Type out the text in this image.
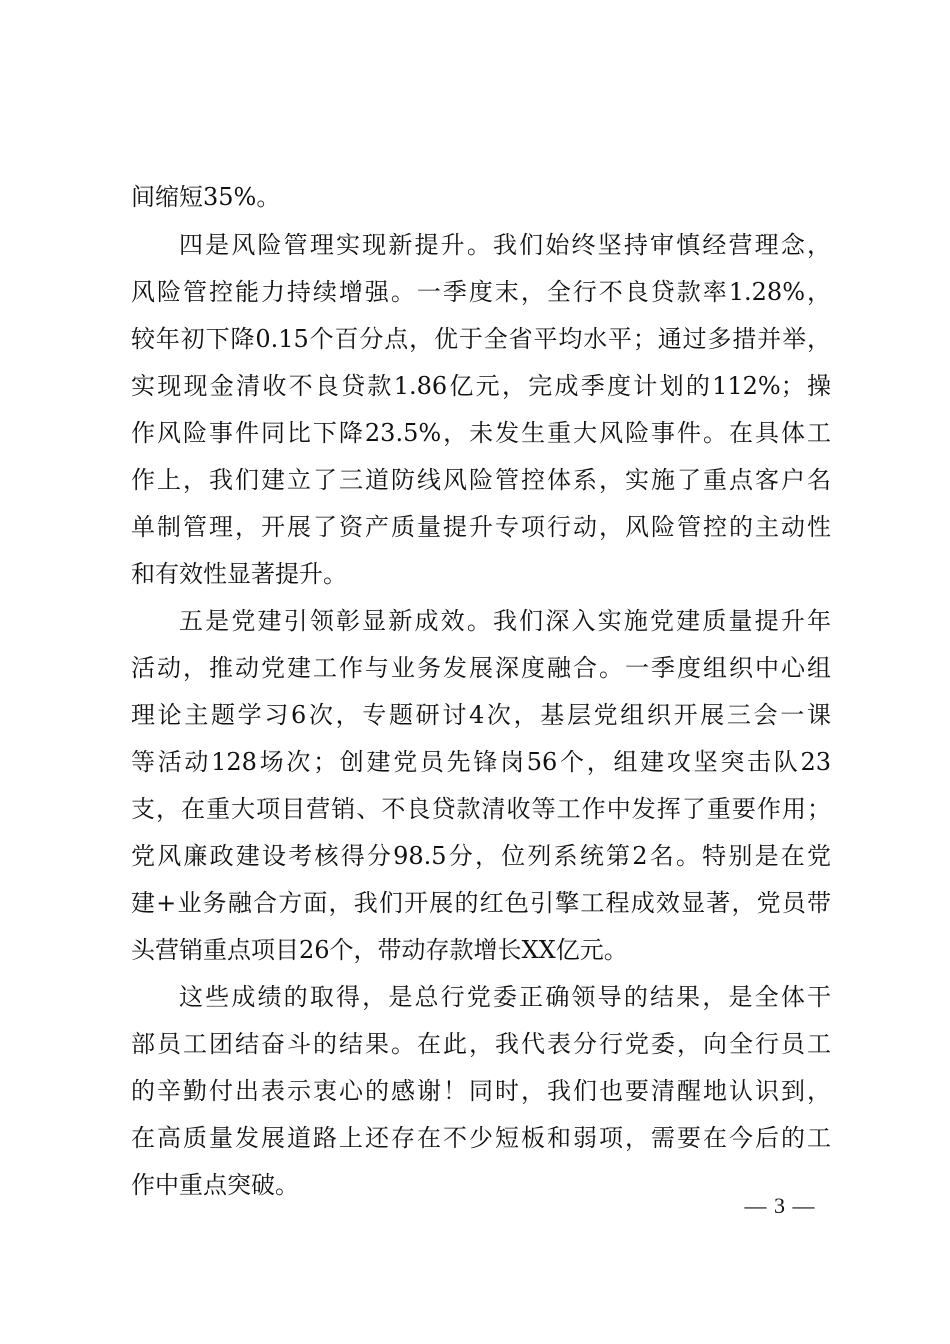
间缩短35%。
四是风险管理实现新提升。我们始终坚持审慎经营理念，
风险管控能力持续增强。一季度末，全行不良贷款率1.28%，
较年初下降0.15个百分点，优于全省平均水平；通过多措并举，
实现现金清收不良贷款1.86亿元，完成季度计划的112%；操
作风险事件同比下降23.5%，未发生重大风险事件。在具体工
作上，我们建立了三道防线风险管控体系，实施了重点客户名
单制管理，开展了资产质量提升专项行动，风险管控的主动性
和有效性显著提升。
五是党建引领彰显新成效。我们深入实施党建质量提升年
活动，推动党建工作与业务发展深度融合。一季度组织中心组
理论主题学习6次，专题研讨4次，基层党组织开展三会一课
等活动128场次；创建党员先锋岗56个，组建攻坚突击队23
支，在重大项目营销、不良贷款清收等工作中发挥了重要作用；
党风廉政建设考核得分98.5分，位列系统第2名。特别是在党
建+业务融合方面，我们开展的红色引擎工程成效显著，党员带
头营销重点项目26个，带动存款增长XX亿元。
这些成绩的取得，是总行党委正确领导的结果，是全体干
部员工团结奋斗的结果。在此，我代表分行党委，向全行员工
的辛勤付出表示衷心的感谢！同时，我们也要清醒地认识到，
在高质量发展道路上还存在不少短板和弱项，需要在今后的工
作中重点突破。
— 3 —
